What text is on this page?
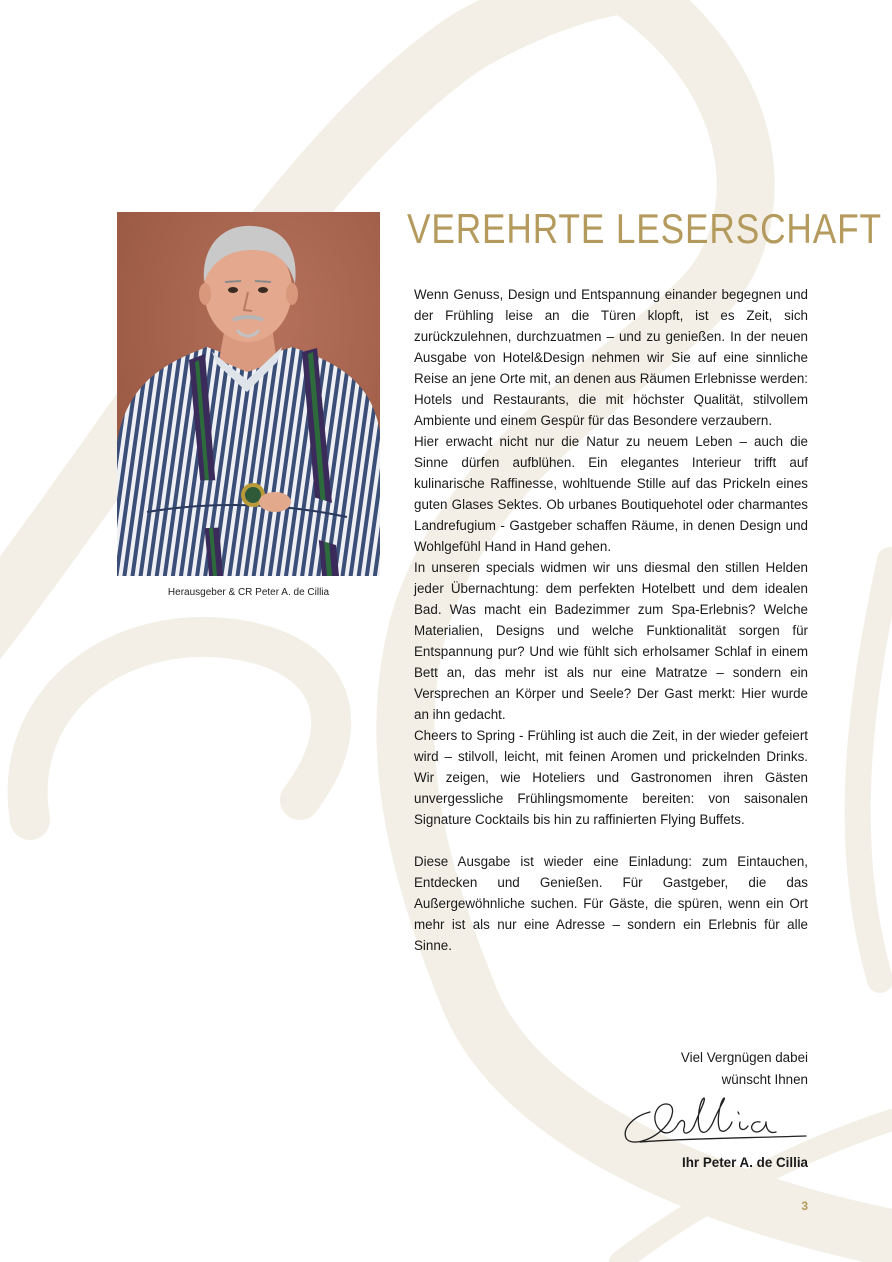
Herausgeber & CR Peter A. de Cillia
VEREHRTE LESERSCHAFT

Wenn Genuss, Design und Entspannung einander begegnen und der Frühling leise an die Türen klopft, ist es Zeit, sich zurückzulehnen, durchzuatmen – und zu genießen. In der neuen Ausgabe von Hotel&Design nehmen wir Sie auf eine sinnliche Reise an jene Orte mit, an denen aus Räumen Erlebnisse werden: Hotels und Restaurants, die mit höchster Qualität, stilvollem Ambiente und einem Gespür für das Besondere verzaubern.

Hier erwacht nicht nur die Natur zu neuem Leben – auch die Sinne dürfen aufblühen. Ein elegantes Interieur trifft auf kulinarische Raffinesse, wohltuende Stille auf das Prickeln eines guten Glases Sektes. Ob urbanes Boutiquehotel oder charmantes Landrefugium - Gastgeber schaffen Räume, in denen Design und Wohlgefühl Hand in Hand gehen.

In unseren specials widmen wir uns diesmal den stillen Helden jeder Übernachtung: dem perfekten Hotelbett und dem idealen Bad. Was macht ein Badezimmer zum Spa-Erlebnis? Welche Materialien, Designs und welche Funktionalität sorgen für Entspannung pur? Und wie fühlt sich erholsamer Schlaf in einem Bett an, das mehr ist als nur eine Matratze – sondern ein Versprechen an Körper und Seele? Der Gast merkt: Hier wurde an ihn gedacht.

Cheers to Spring - Frühling ist auch die Zeit, in der wieder gefeiert wird – stilvoll, leicht, mit feinen Aromen und prickelnden Drinks. Wir zeigen, wie Hoteliers und Gastronomen ihren Gästen unvergessliche Frühlingsmomente bereiten: von saisonalen Signature Cocktails bis hin zu raffinierten Flying Buffets.

Diese Ausgabe ist wieder eine Einladung: zum Eintauchen, Entdecken und Genießen. Für Gastgeber, die das Außergewöhnliche suchen. Für Gäste, die spüren, wenn ein Ort mehr ist als nur eine Adresse – sondern ein Erlebnis für alle Sinne.

Viel Vergnügen dabei
wünscht Ihnen
Ihr Peter A. de Cillia
3
